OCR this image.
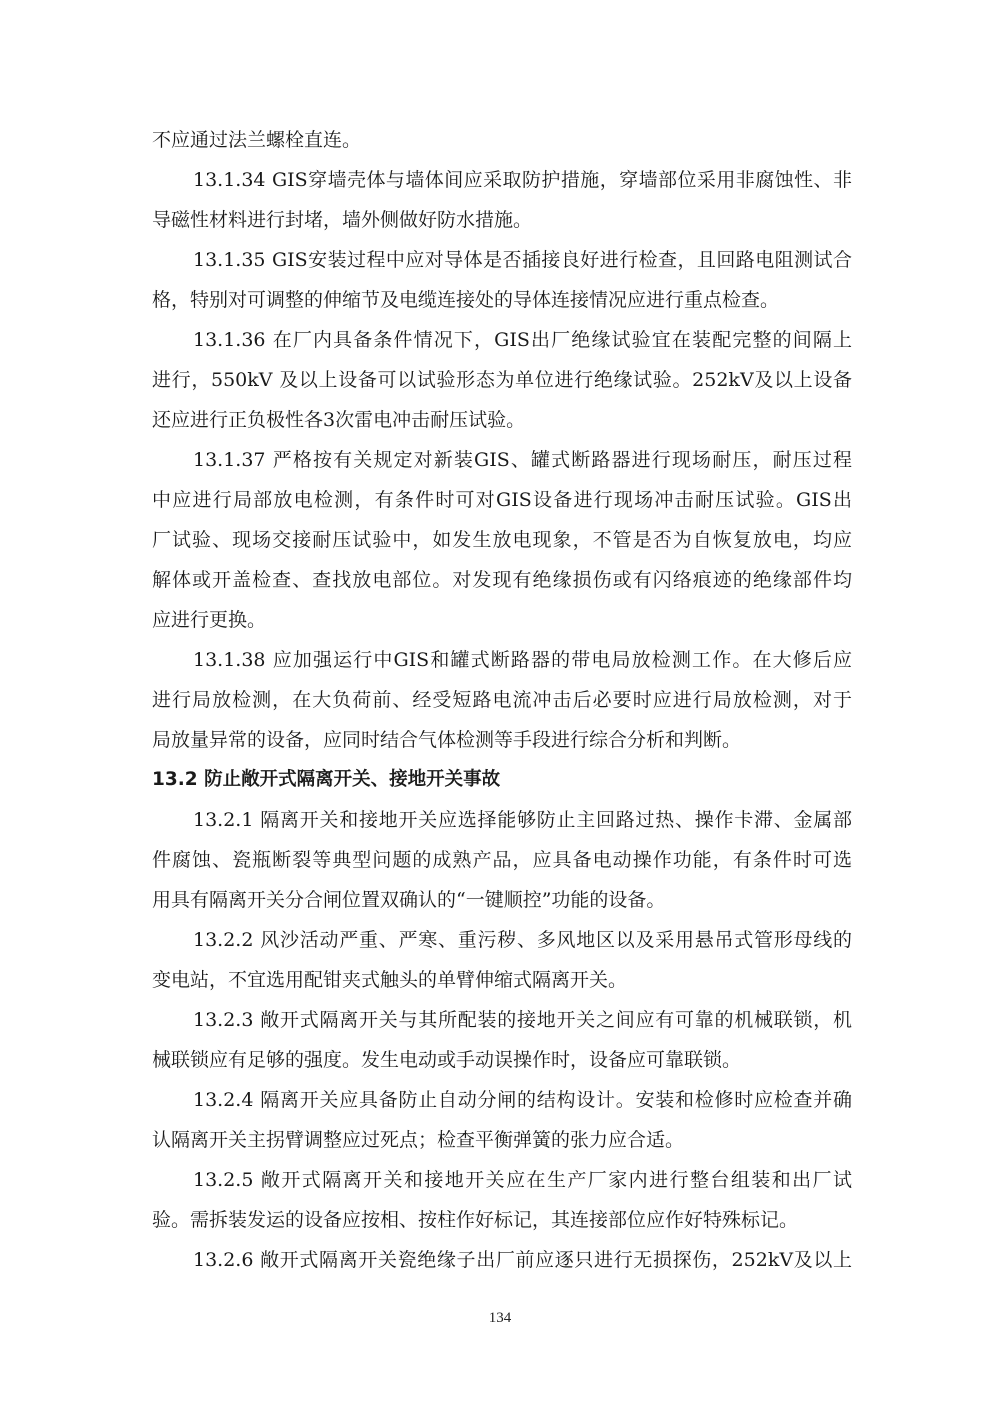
不应通过法兰螺栓直连。
13.1.34 GIS穿墙壳体与墙体间应采取防护措施，穿墙部位采用非腐蚀性、非
导磁性材料进行封堵，墙外侧做好防水措施。
13.1.35 GIS安装过程中应对导体是否插接良好进行检查，且回路电阻测试合
格，特别对可调整的伸缩节及电缆连接处的导体连接情况应进行重点检查。
13.1.36 在厂内具备条件情况下，GIS出厂绝缘试验宜在装配完整的间隔上
进行，550kV 及以上设备可以试验形态为单位进行绝缘试验。252kV及以上设备
还应进行正负极性各3次雷电冲击耐压试验。
13.1.37 严格按有关规定对新装GIS、罐式断路器进行现场耐压，耐压过程
中应进行局部放电检测，有条件时可对GIS设备进行现场冲击耐压试验。GIS出
厂试验、现场交接耐压试验中，如发生放电现象，不管是否为自恢复放电，均应
解体或开盖检查、查找放电部位。对发现有绝缘损伤或有闪络痕迹的绝缘部件均
应进行更换。
13.1.38 应加强运行中GIS和罐式断路器的带电局放检测工作。在大修后应
进行局放检测，在大负荷前、经受短路电流冲击后必要时应进行局放检测，对于
局放量异常的设备，应同时结合气体检测等手段进行综合分析和判断。
13.2 防止敞开式隔离开关、接地开关事故
13.2.1 隔离开关和接地开关应选择能够防止主回路过热、操作卡滞、金属部
件腐蚀、瓷瓶断裂等典型问题的成熟产品，应具备电动操作功能，有条件时可选
用具有隔离开关分合闸位置双确认的“一键顺控”功能的设备。
13.2.2 风沙活动严重、严寒、重污秽、多风地区以及采用悬吊式管形母线的
变电站，不宜选用配钳夹式触头的单臂伸缩式隔离开关。
13.2.3 敞开式隔离开关与其所配装的接地开关之间应有可靠的机械联锁，机
械联锁应有足够的强度。发生电动或手动误操作时，设备应可靠联锁。
13.2.4 隔离开关应具备防止自动分闸的结构设计。安装和检修时应检查并确
认隔离开关主拐臂调整应过死点；检查平衡弹簧的张力应合适。
13.2.5 敞开式隔离开关和接地开关应在生产厂家内进行整台组装和出厂试
验。需拆装发运的设备应按相、按柱作好标记，其连接部位应作好特殊标记。
13.2.6 敞开式隔离开关瓷绝缘子出厂前应逐只进行无损探伤，252kV及以上
134
